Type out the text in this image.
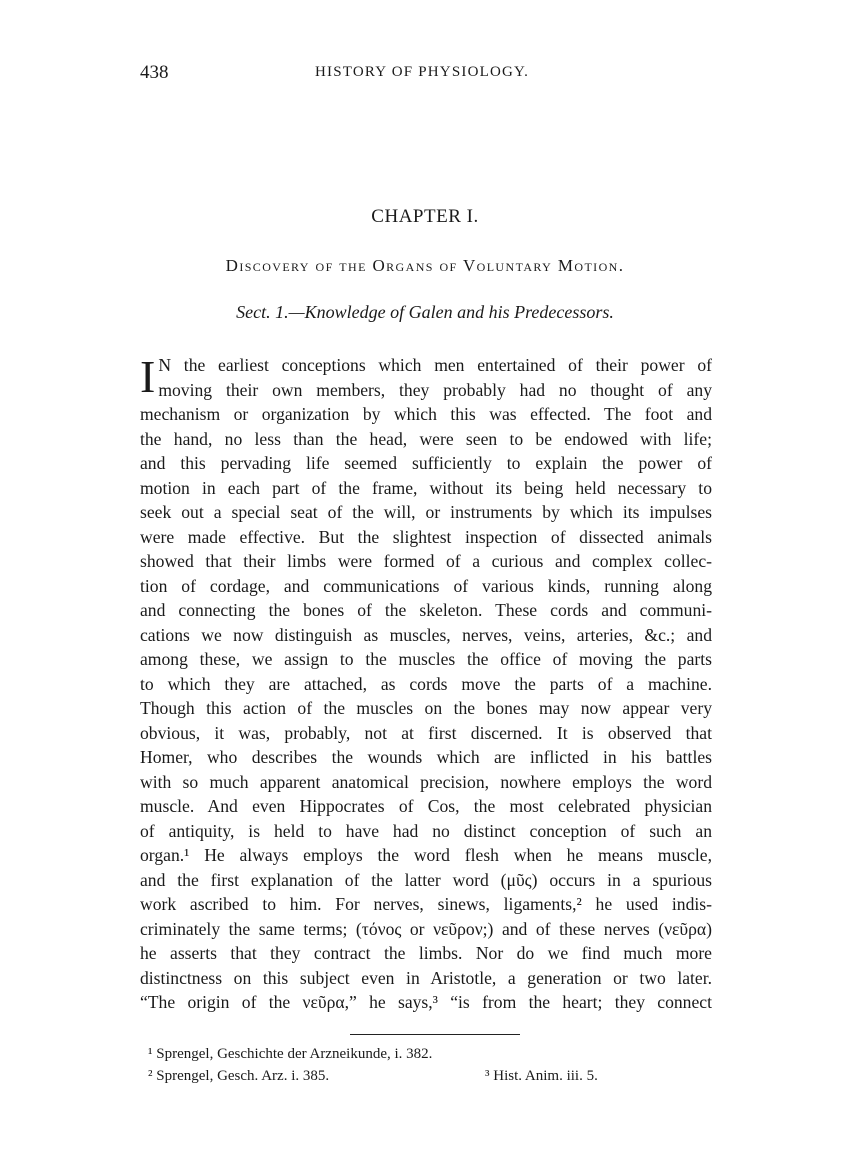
438	HISTORY OF PHYSIOLOGY.
CHAPTER I.
Discovery of the Organs of Voluntary Motion.
Sect. 1.—Knowledge of Galen and his Predecessors.
I N the earliest conceptions which men entertained of their power of
moving their own members, they probably had no thought of any
mechanism or organization by which this was effected. The foot and
the hand, no less than the head, were seen to be endowed with life;
and this pervading life seemed sufficiently to explain the power of
motion in each part of the frame, without its being held necessary to
seek out a special seat of the will, or instruments by which its impulses
were made effective. But the slightest inspection of dissected animals
showed that their limbs were formed of a curious and complex collec-
tion of cordage, and communications of various kinds, running along
and connecting the bones of the skeleton. These cords and communi-
cations we now distinguish as muscles, nerves, veins, arteries, &c.; and
among these, we assign to the muscles the office of moving the parts
to which they are attached, as cords move the parts of a machine.
Though this action of the muscles on the bones may now appear very
obvious, it was, probably, not at first discerned. It is observed that
Homer, who describes the wounds which are inflicted in his battles
with so much apparent anatomical precision, nowhere employs the word
muscle. And even Hippocrates of Cos, the most celebrated physician
of antiquity, is held to have had no distinct conception of such an
organ.¹ He always employs the word flesh when he means muscle,
and the first explanation of the latter word (μῦς) occurs in a spurious
work ascribed to him. For nerves, sinews, ligaments,² he used indis-
criminately the same terms; (τόνος or νεῦρον;) and of these nerves (νεῦρα)
he asserts that they contract the limbs. Nor do we find much more
distinctness on this subject even in Aristotle, a generation or two later.
“The origin of the νεῦρα,” he says,³ “is from the heart; they connect
¹ Sprengel, Geschichte der Arzneikunde, i. 382.
² Sprengel, Gesch. Arz. i. 385.	³ Hist. Anim. iii. 5.
